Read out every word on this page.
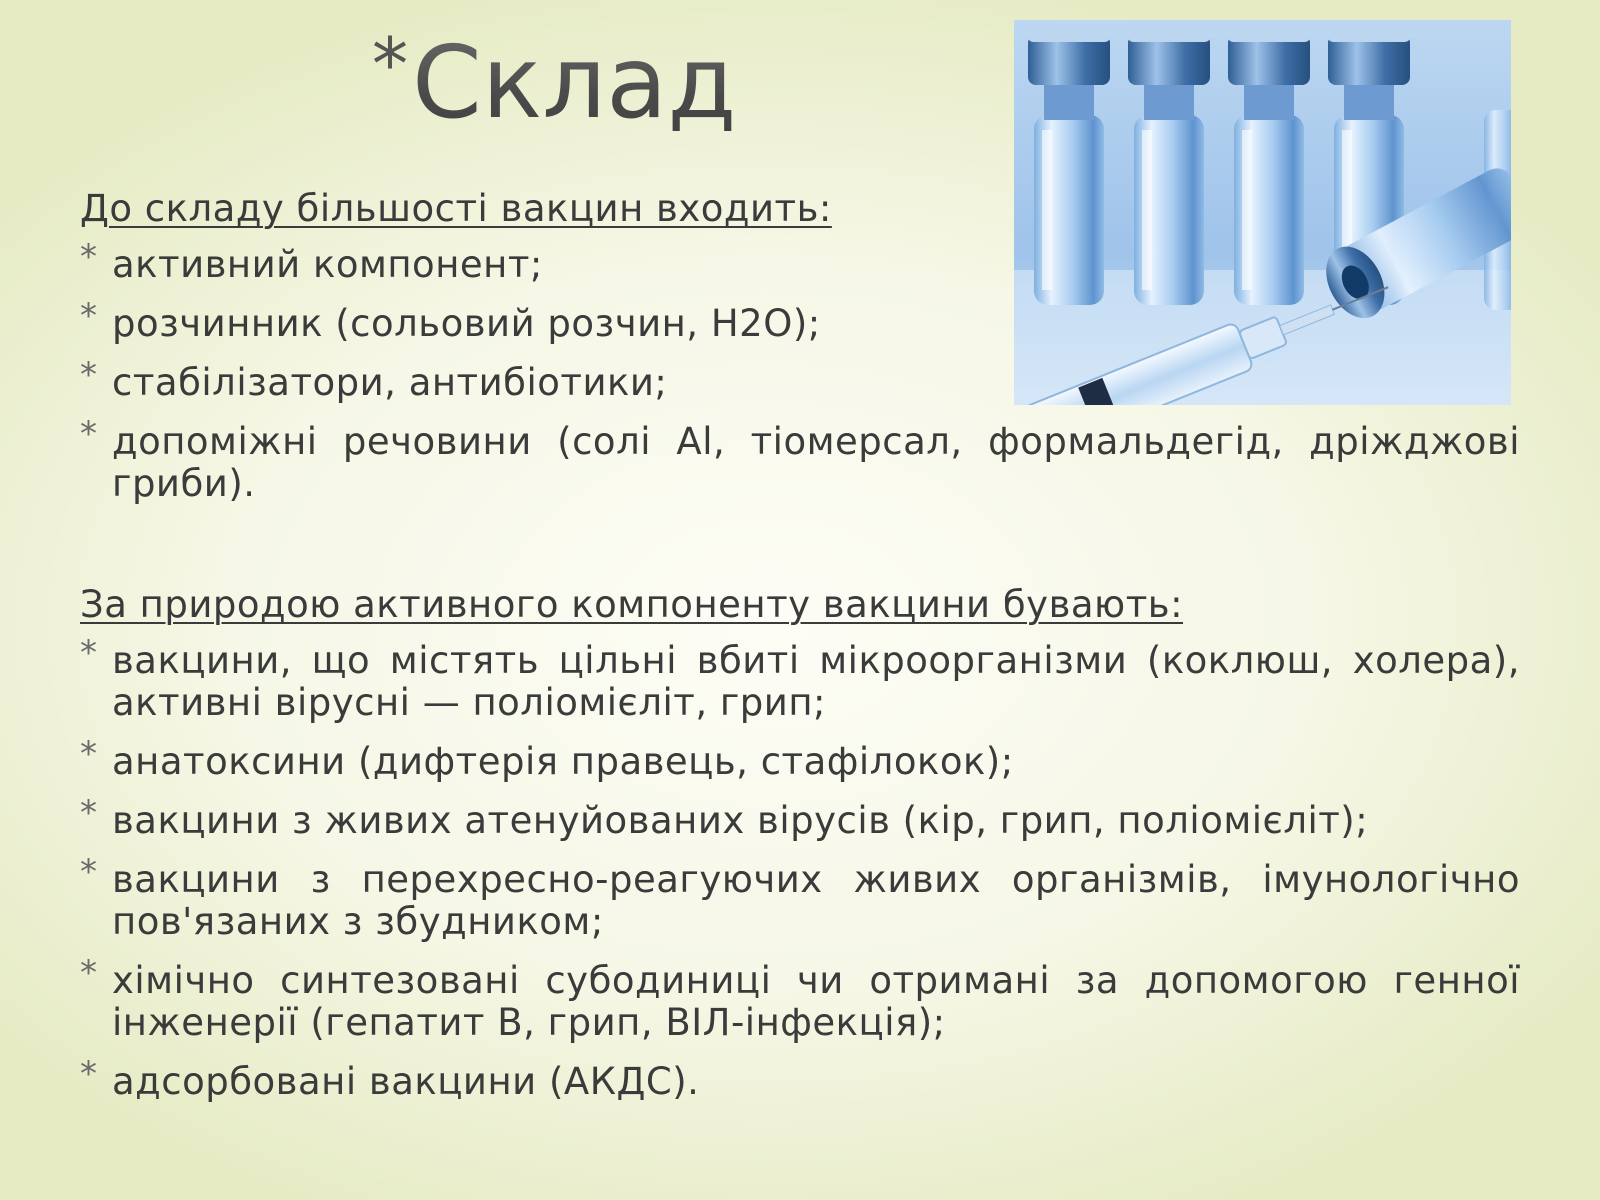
* Склад
До складу більшості вакцин входить:
* активний компонент;
* розчинник (сольовий розчин, H2O);
* стабілізатори, антибіотики;
* допоміжні речовини (солі Al, тіомерсал, формальдегід, дріжджові гриби).
За природою активного компоненту вакцини бувають:
* вакцини, що містять цільні вбиті мікроорганізми (коклюш, холера), активні вірусні — поліомієліт, грип;
* анатоксини (дифтерія правець, стафілокок);
* вакцини з живих атенуйованих вірусів (кір, грип, поліомієліт);
* вакцини з перехресно-реагуючих живих організмів, імунологічно пов'язаних з збудником;
* хімічно синтезовані субодиниці чи отримані за допомогою генної інженерії (гепатит В, грип, ВІЛ-інфекція);
* адсорбовані вакцини (АКДС).
